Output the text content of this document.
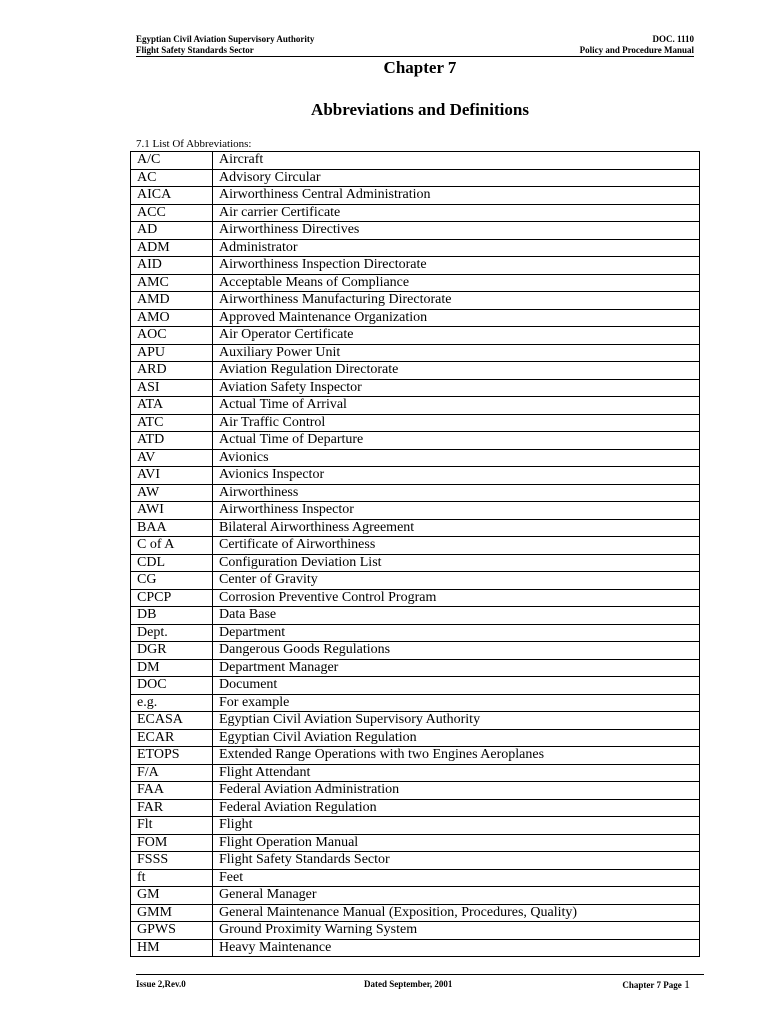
Egyptian Civil Aviation Supervisory Authority
Flight Safety Standards Sector
DOC. 1110
Policy and Procedure Manual
Chapter 7
Abbreviations and Definitions
7.1 List Of Abbreviations:
A/C	Aircraft
AC	Advisory Circular
AICA	Airworthiness Central Administration
ACC	Air carrier Certificate
AD	Airworthiness Directives
ADM	Administrator
AID	Airworthiness Inspection Directorate
AMC	Acceptable Means of Compliance
AMD	Airworthiness Manufacturing Directorate
AMO	Approved Maintenance Organization
AOC	Air Operator Certificate
APU	Auxiliary Power Unit
ARD	Aviation Regulation Directorate
ASI	Aviation Safety Inspector
ATA	Actual Time of Arrival
ATC	Air Traffic Control
ATD	Actual Time of Departure
AV	Avionics
AVI	Avionics Inspector
AW	Airworthiness
AWI	Airworthiness Inspector
BAA	Bilateral Airworthiness Agreement
C of A	Certificate of Airworthiness
CDL	Configuration Deviation List
CG	Center of Gravity
CPCP	Corrosion Preventive Control Program
DB	Data Base
Dept.	Department
DGR	Dangerous Goods Regulations
DM	Department Manager
DOC	Document
e.g.	For example
ECASA	Egyptian Civil Aviation Supervisory Authority
ECAR	Egyptian Civil Aviation Regulation
ETOPS	Extended Range Operations with two Engines Aeroplanes
F/A	Flight Attendant
FAA	Federal Aviation Administration
FAR	Federal Aviation Regulation
Flt	Flight
FOM	Flight Operation Manual
FSSS	Flight Safety Standards Sector
ft	Feet
GM	General Manager
GMM	General Maintenance Manual (Exposition, Procedures, Quality)
GPWS	Ground Proximity Warning System
HM	Heavy Maintenance
Issue 2,Rev.0	Dated September, 2001	Chapter 7 Page 1
